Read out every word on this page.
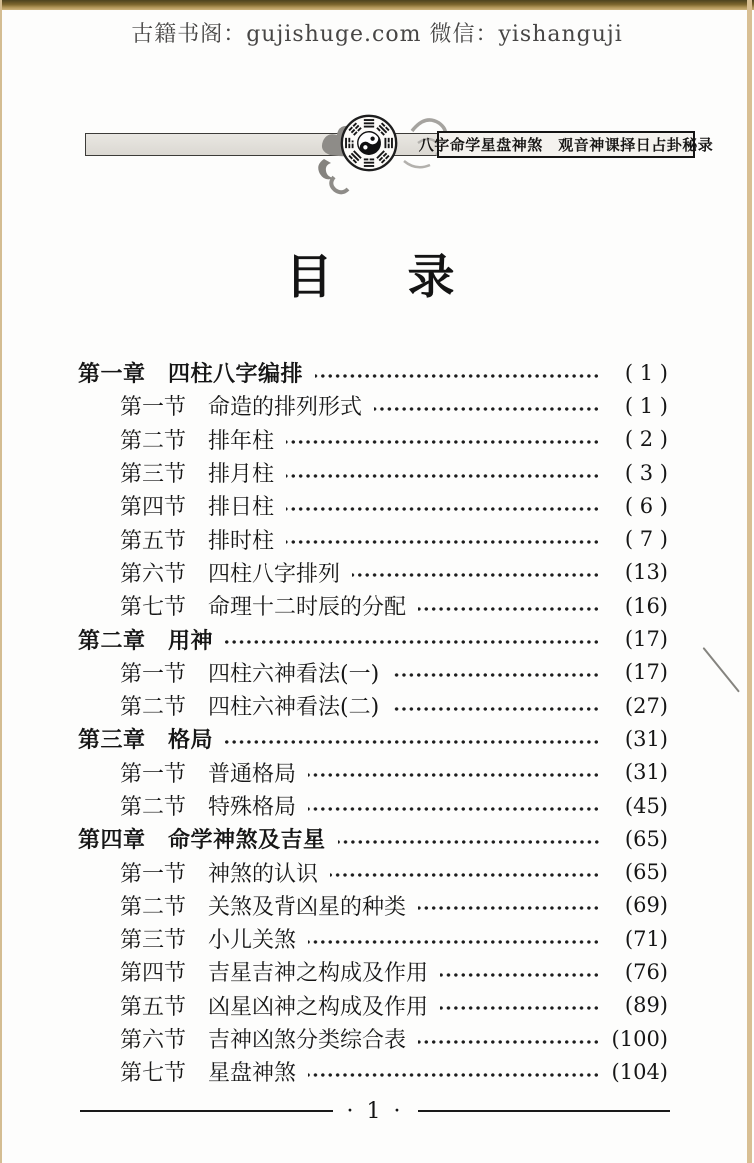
古籍书阁：gujishuge.com 微信：yishanguji
八字命学星盘神煞　观音神课择日占卦秘录
目　录
第一章　四柱八字编排	( 1 )
第一节　命造的排列形式	( 1 )
第二节　排年柱	( 2 )
第三节　排月柱	( 3 )
第四节　排日柱	( 6 )
第五节　排时柱	( 7 )
第六节　四柱八字排列	(13)
第七节　命理十二时辰的分配	(16)
第二章　用神	(17)
第一节　四柱六神看法(一)	(17)
第二节　四柱六神看法(二)	(27)
第三章　格局	(31)
第一节　普通格局	(31)
第二节　特殊格局	(45)
第四章　命学神煞及吉星	(65)
第一节　神煞的认识	(65)
第二节　关煞及背凶星的种类	(69)
第三节　小儿关煞	(71)
第四节　吉星吉神之构成及作用	(76)
第五节　凶星凶神之构成及作用	(89)
第六节　吉神凶煞分类综合表	(100)
第七节　星盘神煞	(104)
· 1 ·
